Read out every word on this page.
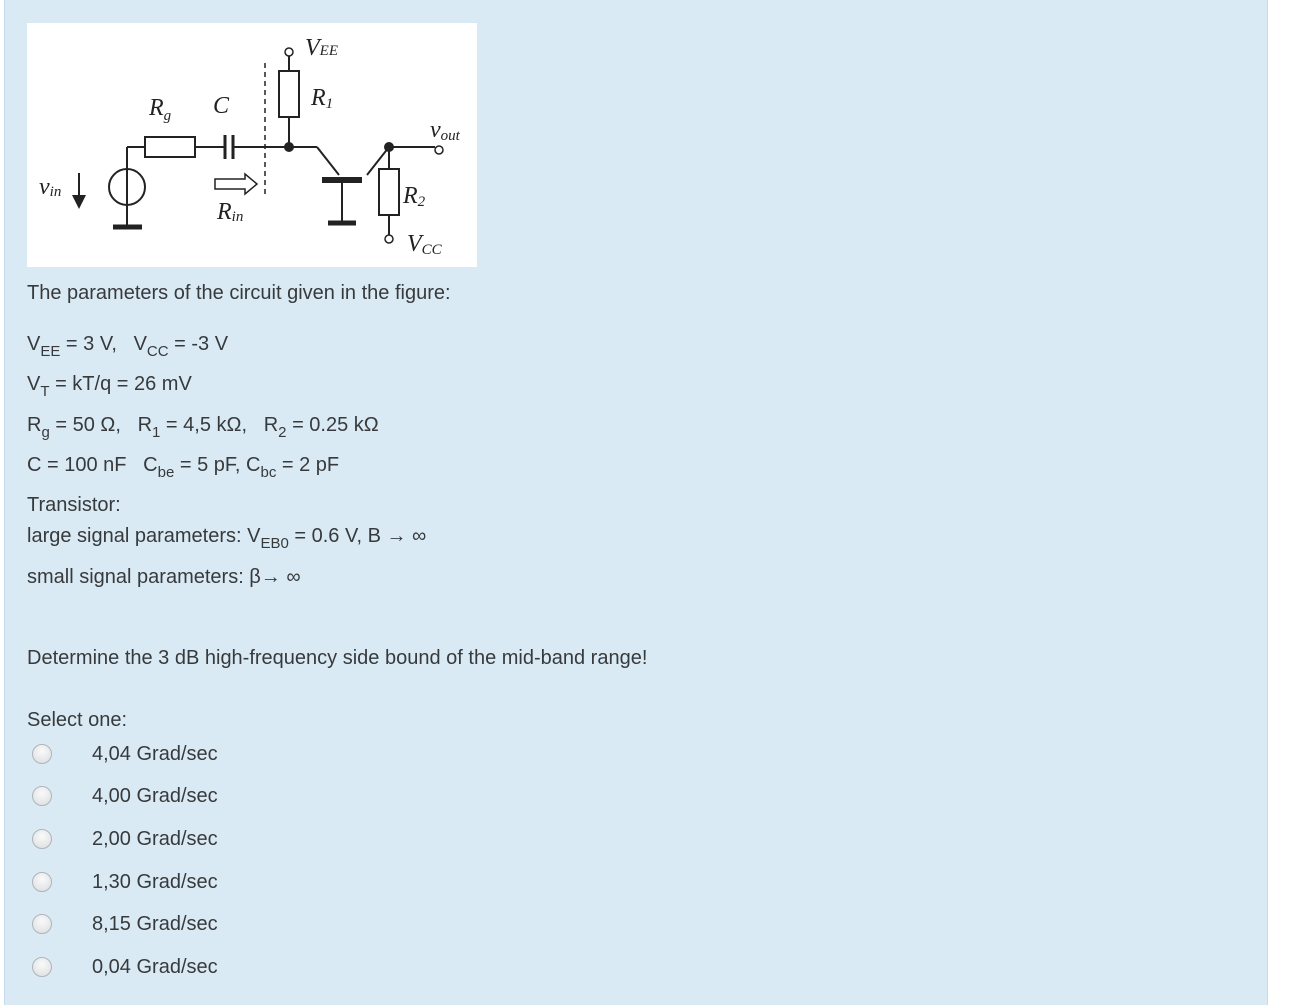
VEE
R1
$R_g$ C
vout
vin	R2
Rin
VCC
The parameters of the circuit given in the figure:
$V_{EE} = 3$ V,   $V_{CC} = -3$ V
$V_T = kT/q = 26$ mV
$R_g = 50$ Ω,   $R_1 = 4,5$ kΩ,   $R_2 = 0.25$ kΩ
C = 100 nF   $C_{be} = 5$ pF, $C_{bc} = 2$ pF
Transistor:
large signal parameters: $V_{EB0} = 0.6$ V, B → ∞
small signal parameters: β→ ∞
Determine the 3 dB high-frequency side bound of the mid-band range!
Select one:
4,04 Grad/sec
4,00 Grad/sec
2,00 Grad/sec
1,30 Grad/sec
8,15 Grad/sec
0,04 Grad/sec
